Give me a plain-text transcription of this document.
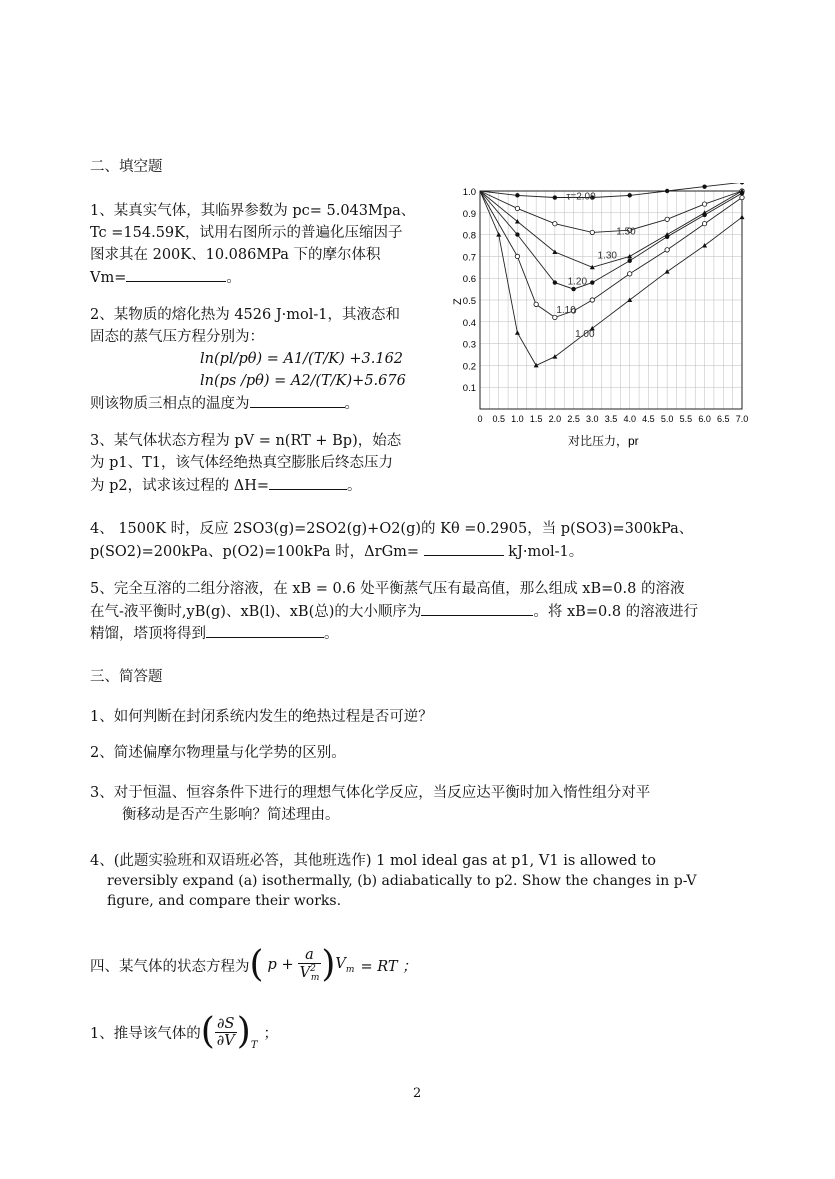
二、填空题
1、某真实气体，其临界参数为 pc= 5.043Mpa、
Tc =154.59K，试用右图所示的普遍化压缩因子
图求其在 200K、10.086MPa 下的摩尔体积
Vm=	。
2、某物质的熔化热为 4526 J·mol-1，其液态和
固态的蒸气压方程分别为：
ln(pl/pθ) = A1/(T/K) +3.162
ln(ps /pθ) = A2/(T/K)+5.676
则该物质三相点的温度为	。
3、某气体状态方程为 pV = n(RT + Bp)，始态
为 p1、T1，该气体经绝热真空膨胀后终态压力
为 p2，试求该过程的 ΔH=	。
1.0
0.9
0.8
0.7
0.6
0.5
0.4
0.3
0.2
0.1
0 0.5 1.0 1.5 2.0 2.5 3.0 3.5 4.0 4.5 5.0 5.5 6.0 6.5 7.0
τ=2.00
1.50
1.30
1.20
1.10
1.00
Z
对比压力，pr
4、 1500K 时，反应 2SO3(g)=2SO2(g)+O2(g)的 Kθ =0.2905，当 p(SO3)=300kPa、
p(SO2)=200kPa、p(O2)=100kPa 时，ΔrGm=	kJ·mol-1。
5、完全互溶的二组分溶液，在 xB = 0.6 处平衡蒸气压有最高值，那么组成 xB=0.8 的溶液
在气-液平衡时,yB(g)、xB(l)、xB(总)的大小顺序为	。将 xB=0.8 的溶液进行
精馏，塔顶将得到	。
三、简答题
1、如何判断在封闭系统内发生的绝热过程是否可逆？
2、简述偏摩尔物理量与化学势的区别。
3、对于恒温、恒容条件下进行的理想气体化学反应，当反应达平衡时加入惰性组分对平
衡移动是否产生影响？简述理由。
4、(此题实验班和双语班必答，其他班选作) 1 mol ideal gas at p1, V1 is allowed to
reversibly expand (a) isothermally, (b) adiabatically to p2. Show the changes in p-V
figure, and compare their works.
四、某气体的状态方程为 ( $p + \frac{a}{V^2_m}$ ) $V_m$ = RT ；
1、推导该气体的 ( $\frac{\partial S}{\partial V} )_T$
；
2
